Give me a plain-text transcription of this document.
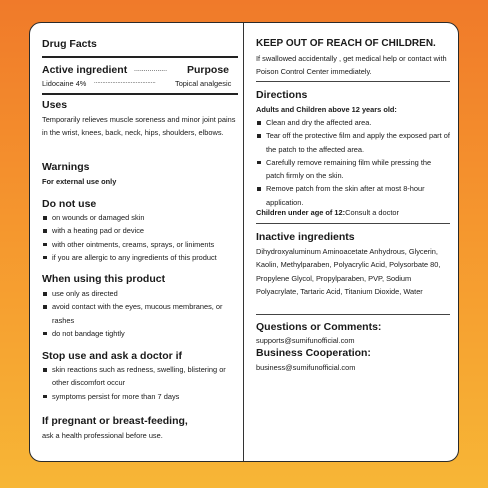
Drug Facts
Active ingredient ................. Purpose
Lidocaine 4% .....................................	Topical analgesic
Uses
Temporarily relieves muscle soreness and minor joint pains in the wrist, knees, back, neck, hips, shoulders, elbows.
Warnings
For external use only
Do not use
on wounds or damaged skin
with a heating pad or device
with other ointments, creams, sprays, or liniments
if you are allergic to any ingredients of this product
When using this product
use only as directed
avoid contact with the eyes, mucous membranes, or rashes
do not bandage tightly
Stop use and ask a doctor if
skin reactions such as redness, swelling, blistering or other discomfort occur
symptoms persist for more than 7 days
If pregnant or breast-feeding,
ask a health professional before use.
KEEP OUT OF REACH OF CHILDREN.
If swallowed accidentally , get medical help or contact with Poison Control Center immediately.
Directions
Adults and Children above 12 years old:
Clean and dry the affected area.
Tear off the protective film and apply the exposed part of the patch to the affected area.
Carefully remove remaining film while pressing the patch firmly on the skin.
Remove patch from the skin after at most 8-hour application.
Children under age of 12:Consult a doctor
Inactive ingredients
Dihydroxyaluminum Aminoacetate Anhydrous, Glycerin, Kaolin, Methylparaben, Polyacrylic Acid, Polysorbate 80, Propylene Glycol, Propylparaben, PVP, Sodium Polyacrylate, Tartaric Acid, Titanium Dioxide, Water
Questions or Comments:
supports@sumifunofficial.com
Business Cooperation:
business@sumifunofficial.com
